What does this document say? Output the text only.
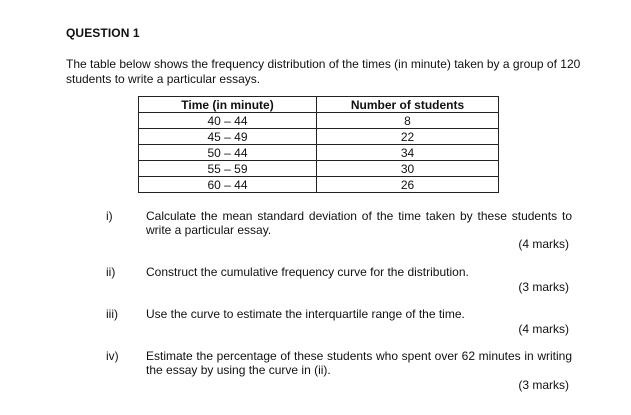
QUESTION 1
The table below shows the frequency distribution of the times (in minute) taken by a group of 120 students to write a particular essays.
Time (in minute)	Number of students
40 – 44	8
45 – 49	22
50 – 44	34
55 – 59	30
60 – 44	26
i)	Calculate the mean standard deviation of the time taken by these students to write a particular essay.
(4 marks)
ii)	Construct the cumulative frequency curve for the distribution.
(3 marks)
iii) Use the curve to estimate the interquartile range of the time.
(4 marks)
iv) Estimate the percentage of these students who spent over 62 minutes in writing the essay by using the curve in (ii).
(3 marks)
